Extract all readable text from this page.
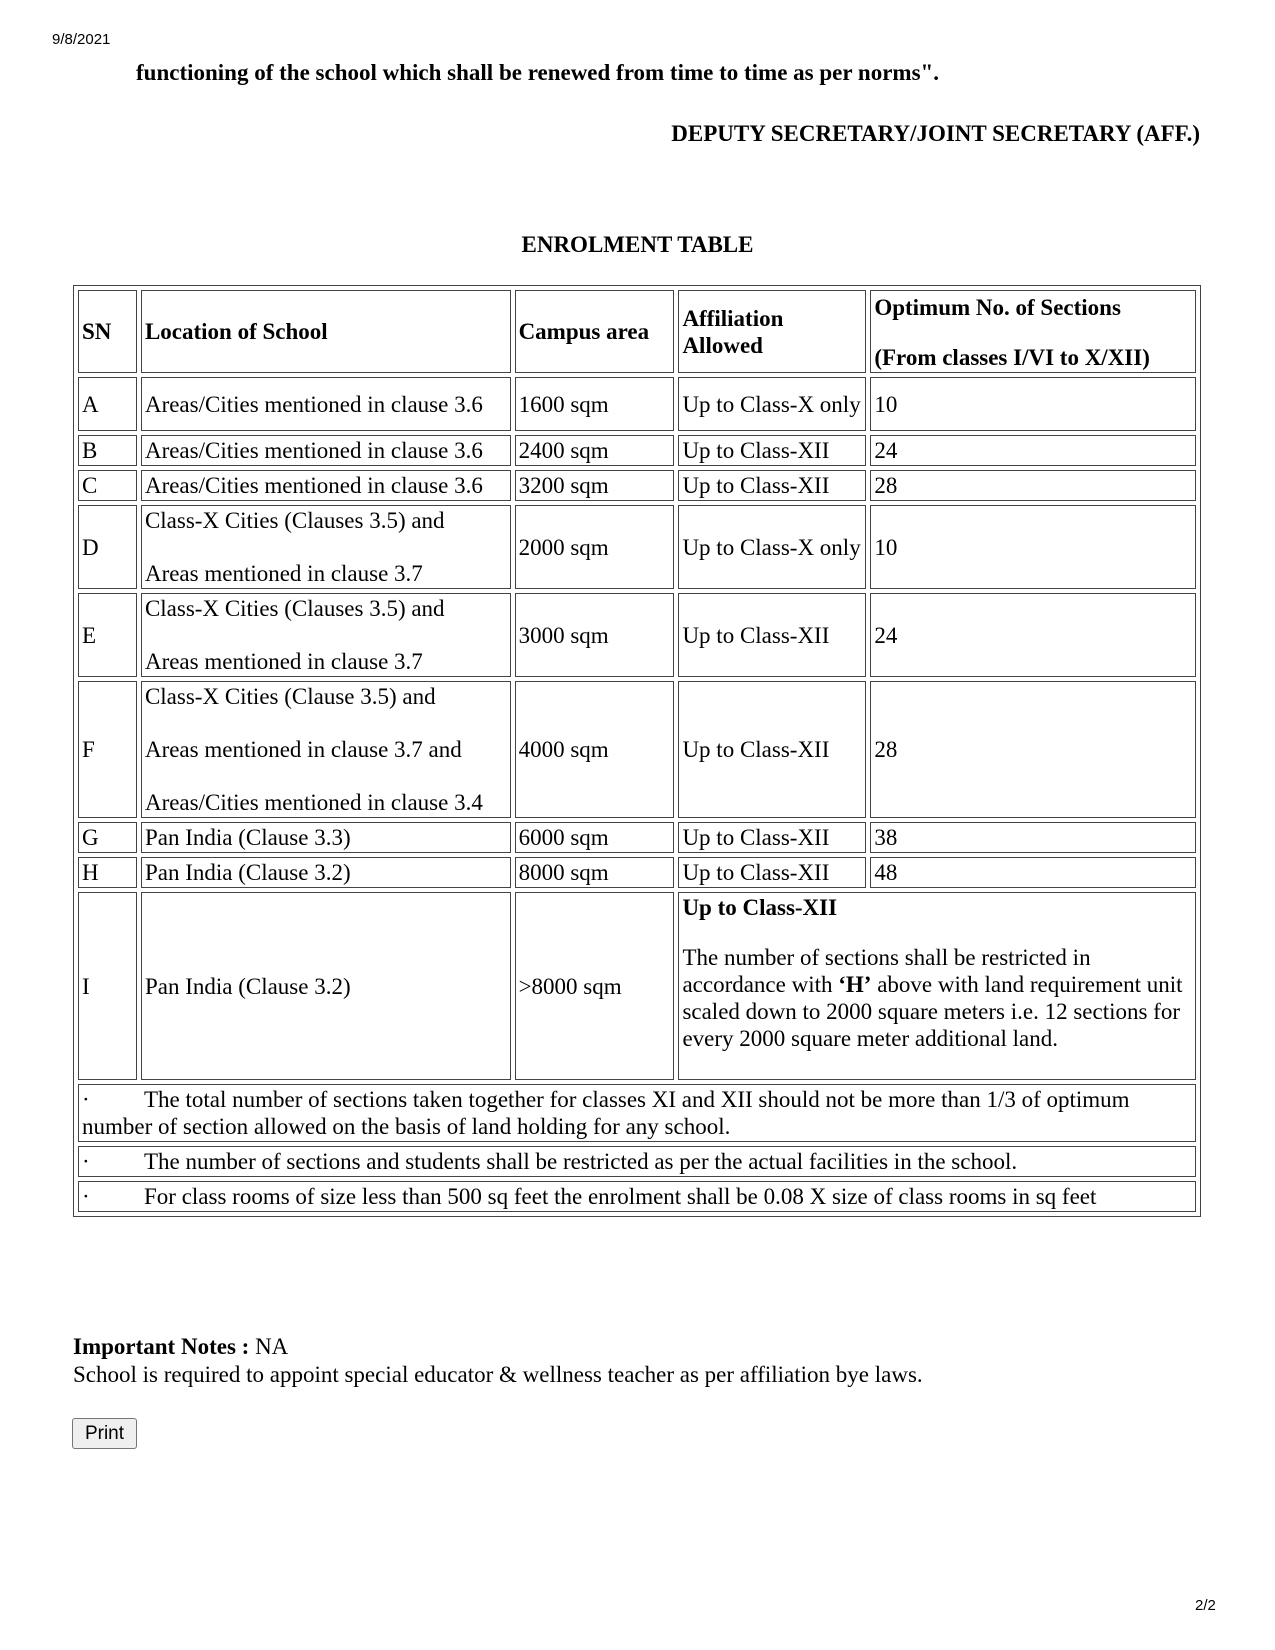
9/8/2021
functioning of the school which shall be renewed from time to time as per norms".
DEPUTY SECRETARY/JOINT SECRETARY (AFF.)
ENROLMENT TABLE
SN	Location of School	Campus area	Affiliation Allowed	Optimum No. of Sections
(From classes I/VI to X/XII)

A	Areas/Cities mentioned in clause 3.6	1600 sqm	Up to Class-X only	10
B	Areas/Cities mentioned in clause 3.6	2400 sqm	Up to Class-XII	24
C	Areas/Cities mentioned in clause 3.6	3200 sqm	Up to Class-XII	28
D	Class-X Cities (Clauses 3.5) and
Areas mentioned in clause 3.7	2000 sqm	Up to Class-X only	10
E	Class-X Cities (Clauses 3.5) and
Areas mentioned in clause 3.7	3000 sqm	Up to Class-XII	24
F	Class-X Cities (Clause 3.5) and
Areas mentioned in clause 3.7 and
Areas/Cities mentioned in clause 3.4	4000 sqm	Up to Class-XII	28
G	Pan India (Clause 3.3)	6000 sqm	Up to Class-XII	38
H	Pan India (Clause 3.2)	8000 sqm	Up to Class-XII	48
I	Pan India (Clause 3.2)	>8000 sqm	Up to Class-XII
The number of sections shall be restricted in accordance with ‘H’ above with land requirement unit scaled down to 2000 square meters i.e. 12 sections for every 2000 square meter additional land.	

· The total number of sections taken together for classes XI and XII should not be more than 1/3 of optimum number of section allowed on the basis of land holding for any school.				
· The number of sections and students shall be restricted as per the actual facilities in the school.				
· For class rooms of size less than 500 sq feet the enrolment shall be 0.08 X size of class rooms in sq feet				
Important Notes : NA
School is required to appoint special educator & wellness teacher as per affiliation bye laws.
Print
2/2
